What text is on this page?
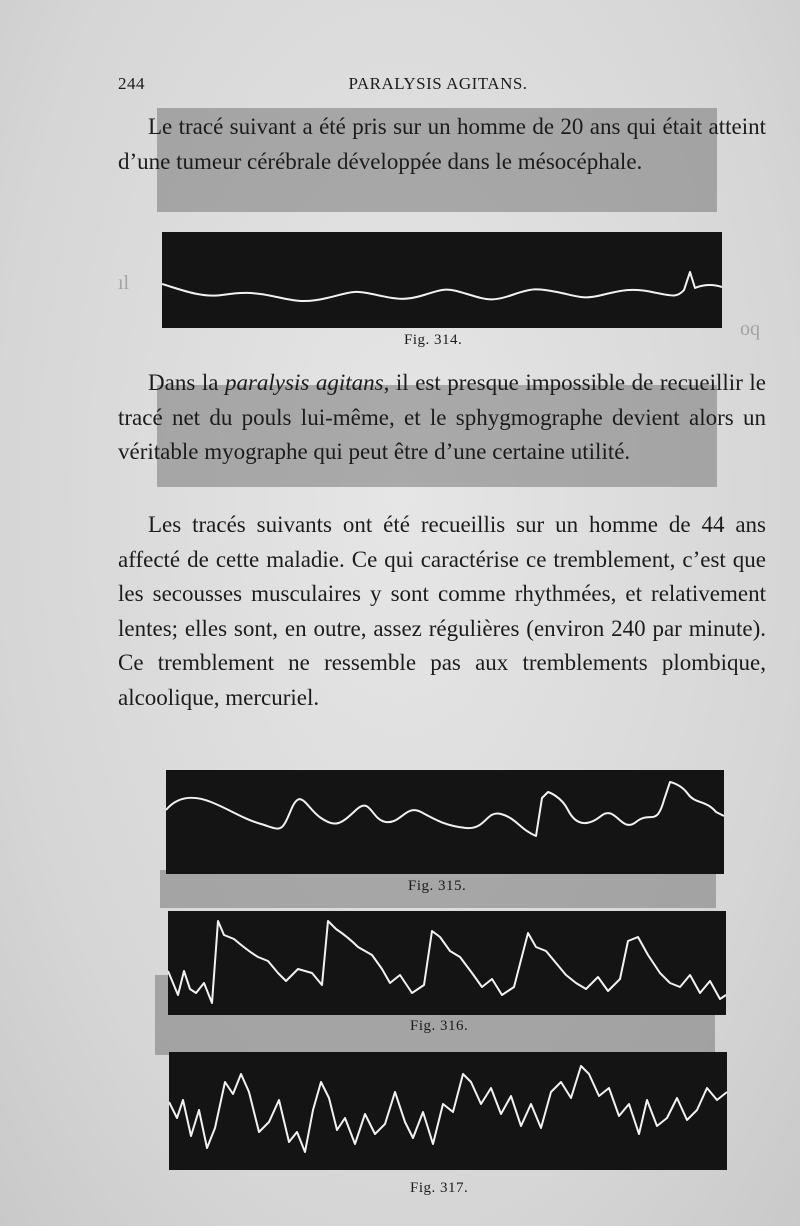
ıl
oq
244	PARALYSIS AGITANS.

Le tracé suivant a été pris sur un homme de 20 ans qui était atteint d’une tumeur cérébrale développée dans le mésocéphale.

Fig. 314.

Dans la paralysis agitans, il est presque impossible de recueillir le tracé net du pouls lui-même, et le sphygmographe devient alors un véritable myographe qui peut être d’une certaine utilité.

Les tracés suivants ont été recueillis sur un homme de 44 ans affecté de cette maladie. Ce qui caractérise ce tremblement, c’est que les secousses musculaires y sont comme rhythmées, et relativement lentes; elles sont, en outre, assez régulières (environ 240 par minute). Ce tremblement ne ressemble pas aux tremblements plombique, alcoolique, mercuriel.

Fig. 315.
Fig. 316.
Fig. 317.
